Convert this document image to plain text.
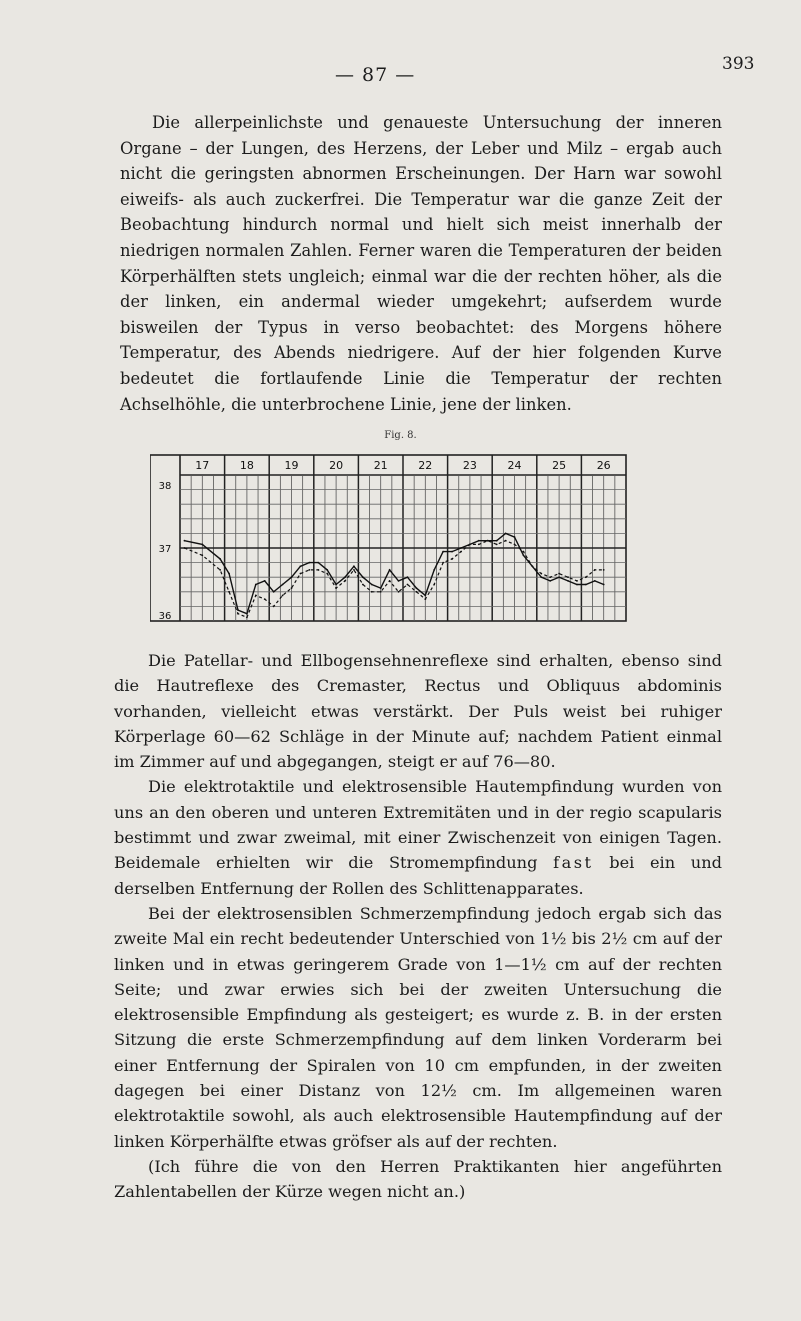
— 87 —	393

Die allerpeinlichste und genaueste Untersuchung der inneren Organe – der Lungen, des Herzens, der Leber und Milz – ergab auch nicht die geringsten abnormen Erscheinungen. Der Harn war sowohl eiweifs- als auch zuckerfrei. Die Temperatur war die ganze Zeit der Beobachtung hindurch normal und hielt sich meist innerhalb der niedrigen normalen Zahlen. Ferner waren die Temperaturen der beiden Körperhälften stets ungleich; einmal war die der rechten höher, als die der linken, ein andermal wieder umgekehrt; aufserdem wurde bisweilen der Typus in verso beobachtet: des Morgens höhere Temperatur, des Abends niedrigere. Auf der hier folgenden Kurve bedeutet die fortlaufende Linie die Temperatur der rechten Achselhöhle, die unterbrochene Linie, jene der linken.

Fig. 8.
17	18	19	20	21	22	23	24	25	26
38
37
36

Die Patellar- und Ellbogensehnenreflexe sind erhalten, ebenso sind die Hautreflexe des Cremaster, Rectus und Obliquus abdominis vorhanden, vielleicht etwas verstärkt. Der Puls weist bei ruhiger Körperlage 60—62 Schläge in der Minute auf; nachdem Patient einmal im Zimmer auf und abgegangen, steigt er auf 76—80.

Die elektrotaktile und elektrosensible Hautempfindung wurden von uns an den oberen und unteren Extremitäten und in der regio scapularis bestimmt und zwar zweimal, mit einer Zwischenzeit von einigen Tagen. Beidemale erhielten wir die Stromempfindung fast bei ein und derselben Entfernung der Rollen des Schlittenapparates.

Bei der elektrosensiblen Schmerzempfindung jedoch ergab sich das zweite Mal ein recht bedeutender Unterschied von 1½ bis 2½ cm auf der linken und in etwas geringerem Grade von 1—1½ cm auf der rechten Seite; und zwar erwies sich bei der zweiten Untersuchung die elektrosensible Empfindung als gesteigert; es wurde z. B. in der ersten Sitzung die erste Schmerzempfindung auf dem linken Vorderarm bei einer Entfernung der Spiralen von 10 cm empfunden, in der zweiten dagegen bei einer Distanz von 12½ cm. Im allgemeinen waren elektrotaktile sowohl, als auch elektrosensible Hautempfindung auf der linken Körperhälfte etwas gröfser als auf der rechten.

(Ich führe die von den Herren Praktikanten hier angeführten Zahlentabellen der Kürze wegen nicht an.)
